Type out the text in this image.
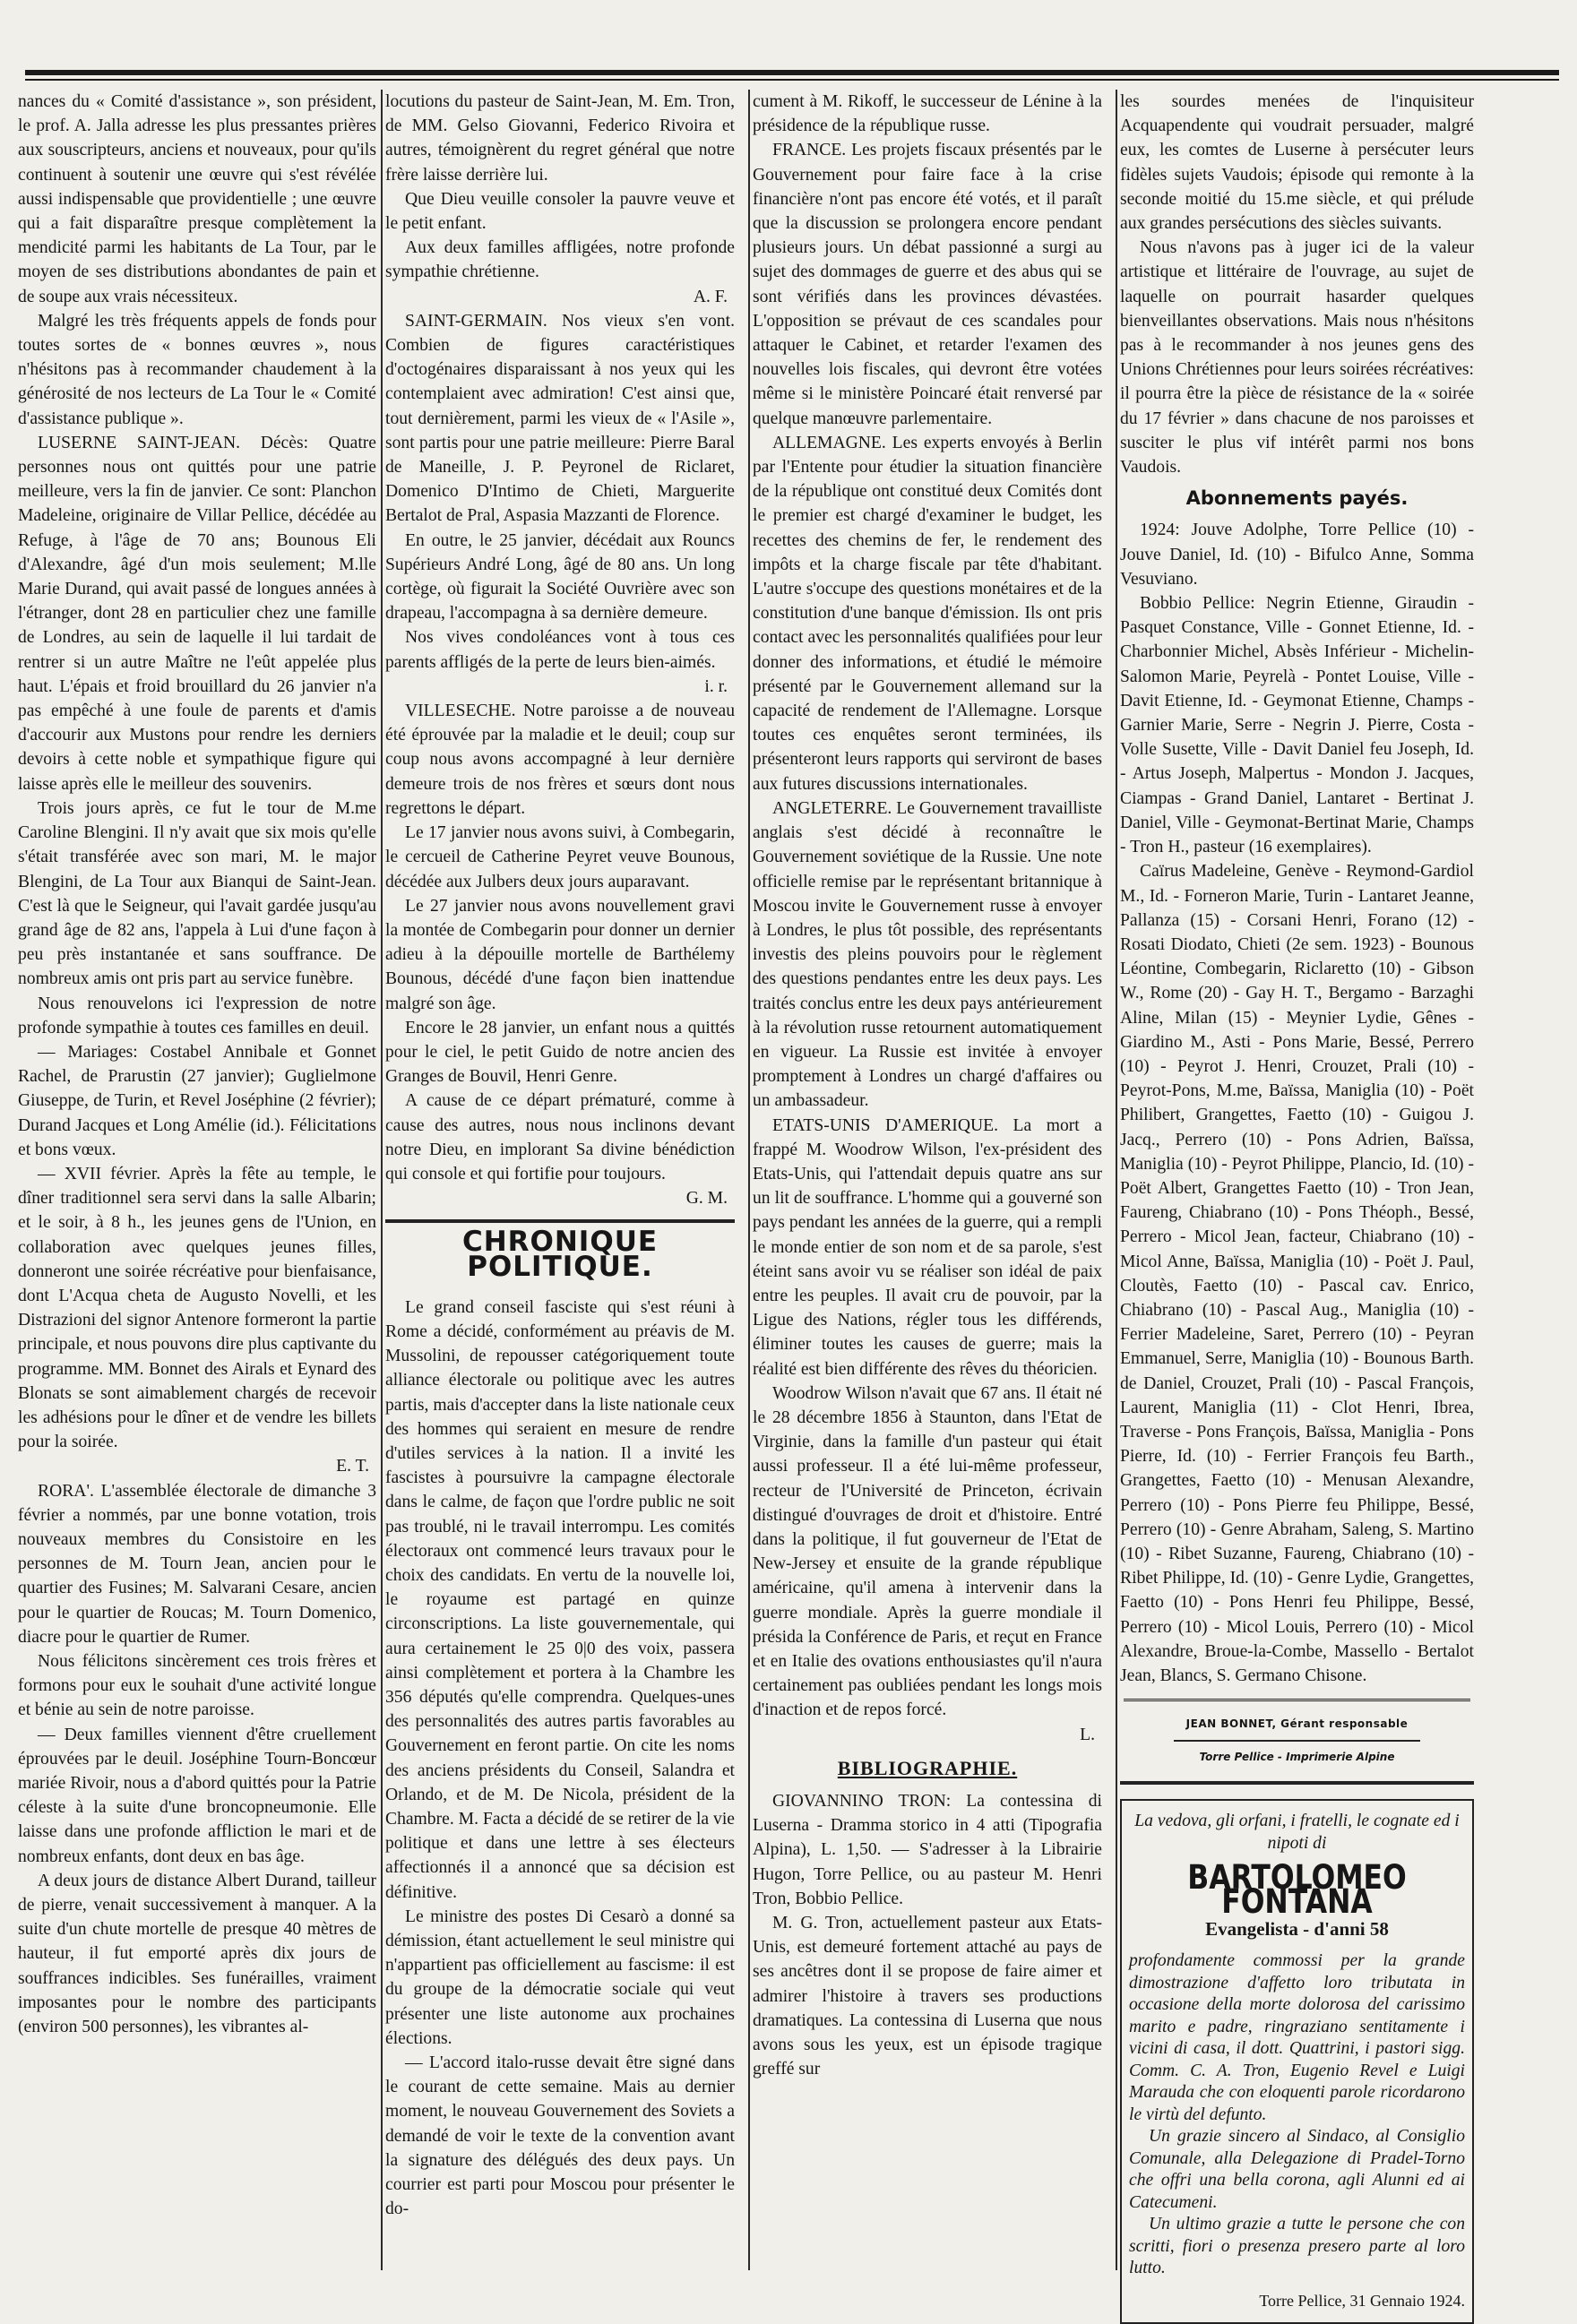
nances du « Comité d'assistance », son président, le prof. A. Jalla adresse les plus pressantes prières aux souscripteurs, anciens et nouveaux, pour qu'ils continuent à soutenir une œuvre qui s'est révélée aussi indispensable que providentielle ; une œuvre qui a fait disparaître presque complètement la mendicité parmi les habitants de La Tour, par le moyen de ses distributions abondantes de pain et de soupe aux vrais nécessiteux.

Malgré les très fréquents appels de fonds pour toutes sortes de « bonnes œuvres », nous n'hésitons pas à recommander chaudement à la générosité de nos lecteurs de La Tour le « Comité d'assistance publique ».

LUSERNE SAINT-JEAN. Décès: Quatre personnes nous ont quittés pour une patrie meilleure, vers la fin de janvier. Ce sont: Planchon Madeleine, originaire de Villar Pellice, décédée au Refuge, à l'âge de 70 ans; Bounous Eli d'Alexandre, âgé d'un mois seulement; M.lle Marie Durand, qui avait passé de longues années à l'étranger, dont 28 en particulier chez une famille de Londres, au sein de laquelle il lui tardait de rentrer si un autre Maître ne l'eût appelée plus haut. L'épais et froid brouillard du 26 janvier n'a pas empêché à une foule de parents et d'amis d'accourir aux Mustons pour rendre les derniers devoirs à cette noble et sympathique figure qui laisse après elle le meilleur des souvenirs.

Trois jours après, ce fut le tour de M.me Caroline Blengini. Il n'y avait que six mois qu'elle s'était transférée avec son mari, M. le major Blengini, de La Tour aux Bianqui de Saint-Jean. C'est là que le Seigneur, qui l'avait gardée jusqu'au grand âge de 82 ans, l'appela à Lui d'une façon à peu près instantanée et sans souffrance. De nombreux amis ont pris part au service funèbre.

Nous renouvelons ici l'expression de notre profonde sympathie à toutes ces familles en deuil.

— Mariages: Costabel Annibale et Gonnet Rachel, de Prarustin (27 janvier); Guglielmone Giuseppe, de Turin, et Revel Joséphine (2 février); Durand Jacques et Long Amélie (id.). Félicitations et bons vœux.

— XVII février. Après la fête au temple, le dîner traditionnel sera servi dans la salle Albarin; et le soir, à 8 h., les jeunes gens de l'Union, en collaboration avec quelques jeunes filles, donneront une soirée récréative pour bienfaisance, dont L'Acqua cheta de Augusto Novelli, et les Distrazioni del signor Antenore formeront la partie principale, et nous pouvons dire plus captivante du programme. MM. Bonnet des Airals et Eynard des Blonats se sont aimablement chargés de recevoir les adhésions pour le dîner et de vendre les billets pour la soirée.

E. T.

RORA'. L'assemblée électorale de dimanche 3 février a nommés, par une bonne votation, trois nouveaux membres du Consistoire en les personnes de M. Tourn Jean, ancien pour le quartier des Fusines; M. Salvarani Cesare, ancien pour le quartier de Roucas; M. Tourn Domenico, diacre pour le quartier de Rumer.

Nous félicitons sincèrement ces trois frères et formons pour eux le souhait d'une activité longue et bénie au sein de notre paroisse.

— Deux familles viennent d'être cruellement éprouvées par le deuil. Joséphine Tourn-Boncœur mariée Rivoir, nous a d'abord quittés pour la Patrie céleste à la suite d'une broncopneumonie. Elle laisse dans une profonde affliction le mari et de nombreux enfants, dont deux en bas âge.

A deux jours de distance Albert Durand, tailleur de pierre, venait successivement à manquer. A la suite d'un chute mortelle de presque 40 mètres de hauteur, il fut emporté après dix jours de souffrances indicibles. Ses funérailles, vraiment imposantes pour le nombre des participants (environ 500 personnes), les vibrantes al-

locutions du pasteur de Saint-Jean, M. Em. Tron, de MM. Gelso Giovanni, Federico Rivoira et autres, témoignèrent du regret général que notre frère laisse derrière lui.

Que Dieu veuille consoler la pauvre veuve et le petit enfant.

Aux deux familles affligées, notre profonde sympathie chrétienne.

A. F.

SAINT-GERMAIN. Nos vieux s'en vont. Combien de figures caractéristiques d'octogénaires disparaissant à nos yeux qui les contemplaient avec admiration! C'est ainsi que, tout dernièrement, parmi les vieux de « l'Asile », sont partis pour une patrie meilleure: Pierre Baral de Maneille, J. P. Peyronel de Riclaret, Domenico D'Intimo de Chieti, Marguerite Bertalot de Pral, Aspasia Mazzanti de Florence.

En outre, le 25 janvier, décédait aux Rouncs Supérieurs André Long, âgé de 80 ans. Un long cortège, où figurait la Société Ouvrière avec son drapeau, l'accompagna à sa dernière demeure.

Nos vives condoléances vont à tous ces parents affligés de la perte de leurs bien-aimés.

i. r.

VILLESECHE. Notre paroisse a de nouveau été éprouvée par la maladie et le deuil; coup sur coup nous avons accompagné à leur dernière demeure trois de nos frères et sœurs dont nous regrettons le départ.

Le 17 janvier nous avons suivi, à Combegarin, le cercueil de Catherine Peyret veuve Bounous, décédée aux Julbers deux jours auparavant.

Le 27 janvier nous avons nouvellement gravi la montée de Combegarin pour donner un dernier adieu à la dépouille mortelle de Barthélemy Bounous, décédé d'une façon bien inattendue malgré son âge.

Encore le 28 janvier, un enfant nous a quittés pour le ciel, le petit Guido de notre ancien des Granges de Bouvil, Henri Genre.

A cause de ce départ prématuré, comme à cause des autres, nous nous inclinons devant notre Dieu, en implorant Sa divine bénédiction qui console et qui fortifie pour toujours.

G. M.

CHRONIQUE POLITIQUE.

Le grand conseil fasciste qui s'est réuni à Rome a décidé, conformément au préavis de M. Mussolini, de repousser catégoriquement toute alliance électorale ou politique avec les autres partis, mais d'accepter dans la liste nationale ceux des hommes qui seraient en mesure de rendre d'utiles services à la nation. Il a invité les fascistes à poursuivre la campagne électorale dans le calme, de façon que l'ordre public ne soit pas troublé, ni le travail interrompu. Les comités électoraux ont commencé leurs travaux pour le choix des candidats. En vertu de la nouvelle loi, le royaume est partagé en quinze circonscriptions. La liste gouvernementale, qui aura certainement le 25 0|0 des voix, passera ainsi complètement et portera à la Chambre les 356 députés qu'elle comprendra. Quelques-unes des personnalités des autres partis favorables au Gouvernement en feront partie. On cite les noms des anciens présidents du Conseil, Salandra et Orlando, et de M. De Nicola, président de la Chambre. M. Facta a décidé de se retirer de la vie politique et dans une lettre à ses électeurs affectionnés il a annoncé que sa décision est définitive.

Le ministre des postes Di Cesarò a donné sa démission, étant actuellement le seul ministre qui n'appartient pas officiellement au fascisme: il est du groupe de la démocratie sociale qui veut présenter une liste autonome aux prochaines élections.

— L'accord italo-russe devait être signé dans le courant de cette semaine. Mais au dernier moment, le nouveau Gouvernement des Soviets a demandé de voir le texte de la convention avant la signature des délégués des deux pays. Un courrier est parti pour Moscou pour présenter le do-

cument à M. Rikoff, le successeur de Lénine à la présidence de la république russe.

FRANCE. Les projets fiscaux présentés par le Gouvernement pour faire face à la crise financière n'ont pas encore été votés, et il paraît que la discussion se prolongera encore pendant plusieurs jours. Un débat passionné a surgi au sujet des dommages de guerre et des abus qui se sont vérifiés dans les provinces dévastées. L'opposition se prévaut de ces scandales pour attaquer le Cabinet, et retarder l'examen des nouvelles lois fiscales, qui devront être votées même si le ministère Poincaré était renversé par quelque manœuvre parlementaire.

ALLEMAGNE. Les experts envoyés à Berlin par l'Entente pour étudier la situation financière de la république ont constitué deux Comités dont le premier est chargé d'examiner le budget, les recettes des chemins de fer, le rendement des impôts et la charge fiscale par tête d'habitant. L'autre s'occupe des questions monétaires et de la constitution d'une banque d'émission. Ils ont pris contact avec les personnalités qualifiées pour leur donner des informations, et étudié le mémoire présenté par le Gouvernement allemand sur la capacité de rendement de l'Allemagne. Lorsque toutes ces enquêtes seront terminées, ils présenteront leurs rapports qui serviront de bases aux futures discussions internationales.

ANGLETERRE. Le Gouvernement travailliste anglais s'est décidé à reconnaître le Gouvernement soviétique de la Russie. Une note officielle remise par le représentant britannique à Moscou invite le Gouvernement russe à envoyer à Londres, le plus tôt possible, des représentants investis des pleins pouvoirs pour le règlement des questions pendantes entre les deux pays. Les traités conclus entre les deux pays antérieurement à la révolution russe retournent automatiquement en vigueur. La Russie est invitée à envoyer promptement à Londres un chargé d'affaires ou un ambassadeur.

ETATS-UNIS D'AMERIQUE. La mort a frappé M. Woodrow Wilson, l'ex-président des Etats-Unis, qui l'attendait depuis quatre ans sur un lit de souffrance. L'homme qui a gouverné son pays pendant les années de la guerre, qui a rempli le monde entier de son nom et de sa parole, s'est éteint sans avoir vu se réaliser son idéal de paix entre les peuples. Il avait cru de pouvoir, par la Ligue des Nations, régler tous les différends, éliminer toutes les causes de guerre; mais la réalité est bien différente des rêves du théoricien.

Woodrow Wilson n'avait que 67 ans. Il était né le 28 décembre 1856 à Staunton, dans l'Etat de Virginie, dans la famille d'un pasteur qui était aussi professeur. Il a été lui-même professeur, recteur de l'Université de Princeton, écrivain distingué d'ouvrages de droit et d'histoire. Entré dans la politique, il fut gouverneur de l'Etat de New-Jersey et ensuite de la grande république américaine, qu'il amena à intervenir dans la guerre mondiale. Après la guerre mondiale il présida la Conférence de Paris, et reçut en France et en Italie des ovations enthousiastes qu'il n'aura certainement pas oubliées pendant les longs mois d'inaction et de repos forcé.

L.

BIBLIOGRAPHIE.

GIOVANNINO TRON: La contessina di Luserna - Dramma storico in 4 atti (Tipografia Alpina), L. 1,50. — S'adresser à la Librairie Hugon, Torre Pellice, ou au pasteur M. Henri Tron, Bobbio Pellice.

M. G. Tron, actuellement pasteur aux Etats-Unis, est demeuré fortement attaché au pays de ses ancêtres dont il se propose de faire aimer et admirer l'histoire à travers ses productions dramatiques. La contessina di Luserna que nous avons sous les yeux, est un épisode tragique greffé sur

les sourdes menées de l'inquisiteur Acquapendente qui voudrait persuader, malgré eux, les comtes de Luserne à persécuter leurs fidèles sujets Vaudois; épisode qui remonte à la seconde moitié du 15.me siècle, et qui prélude aux grandes persécutions des siècles suivants.

Nous n'avons pas à juger ici de la valeur artistique et littéraire de l'ouvrage, au sujet de laquelle on pourrait hasarder quelques bienveillantes observations. Mais nous n'hésitons pas à le recommander à nos jeunes gens des Unions Chrétiennes pour leurs soirées récréatives: il pourra être la pièce de résistance de la « soirée du 17 février » dans chacune de nos paroisses et susciter le plus vif intérêt parmi nos bons Vaudois.

Abonnements payés.

1924: Jouve Adolphe, Torre Pellice (10) - Jouve Daniel, Id. (10) - Bifulco Anne, Somma Vesuviano.

Bobbio Pellice: Negrin Etienne, Giraudin - Pasquet Constance, Ville - Gonnet Etienne, Id. - Charbonnier Michel, Absès Inférieur - Michelin-Salomon Marie, Peyrelà - Pontet Louise, Ville - Davit Etienne, Id. - Geymonat Etienne, Champs - Garnier Marie, Serre - Negrin J. Pierre, Costa - Volle Susette, Ville - Davit Daniel feu Joseph, Id. - Artus Joseph, Malpertus - Mondon J. Jacques, Ciampas - Grand Daniel, Lantaret - Bertinat J. Daniel, Ville - Geymonat-Bertinat Marie, Champs - Tron H., pasteur (16 exemplaires).

Caïrus Madeleine, Genève - Reymond-Gardiol M., Id. - Forneron Marie, Turin - Lantaret Jeanne, Pallanza (15) - Corsani Henri, Forano (12) - Rosati Diodato, Chieti (2e sem. 1923) - Bounous Léontine, Combegarin, Riclaretto (10) - Gibson W., Rome (20) - Gay H. T., Bergamo - Barzaghi Aline, Milan (15) - Meynier Lydie, Gênes - Giardino M., Asti - Pons Marie, Bessé, Perrero (10) - Peyrot J. Henri, Crouzet, Prali (10) - Peyrot-Pons, M.me, Baïssa, Maniglia (10) - Poët Philibert, Grangettes, Faetto (10) - Guigou J. Jacq., Perrero (10) - Pons Adrien, Baïssa, Maniglia (10) - Peyrot Philippe, Plancio, Id. (10) - Poët Albert, Grangettes Faetto (10) - Tron Jean, Faureng, Chiabrano (10) - Pons Théoph., Bessé, Perrero - Micol Jean, facteur, Chiabrano (10) - Micol Anne, Baïssa, Maniglia (10) - Poët J. Paul, Cloutès, Faetto (10) - Pascal cav. Enrico, Chiabrano (10) - Pascal Aug., Maniglia (10) - Ferrier Madeleine, Saret, Perrero (10) - Peyran Emmanuel, Serre, Maniglia (10) - Bounous Barth. de Daniel, Crouzet, Prali (10) - Pascal François, Laurent, Maniglia (11) - Clot Henri, Ibrea, Traverse - Pons François, Baïssa, Maniglia - Pons Pierre, Id. (10) - Ferrier François feu Barth., Grangettes, Faetto (10) - Menusan Alexandre, Perrero (10) - Pons Pierre feu Philippe, Bessé, Perrero (10) - Genre Abraham, Saleng, S. Martino (10) - Ribet Suzanne, Faureng, Chiabrano (10) - Ribet Philippe, Id. (10) - Genre Lydie, Grangettes, Faetto (10) - Pons Henri feu Philippe, Bessé, Perrero (10) - Micol Louis, Perrero (10) - Micol Alexandre, Broue-la-Combe, Massello - Bertalot Jean, Blancs, S. Germano Chisone.

JEAN BONNET, Gérant responsable
Torre Pellice - Imprimerie Alpine
La vedova, gli orfani, i fratelli, le cognate ed i nipoti di
BARTOLOMEO FONTANA
Evangelista - d'anni 58

profondamente commossi per la grande dimostrazione d'affetto loro tributata in occasione della morte dolorosa del carissimo marito e padre, ringraziano sentitamente i vicini di casa, il dott. Quattrini, i pastori sigg. Comm. C. A. Tron, Eugenio Revel e Luigi Marauda che con eloquenti parole ricordarono le virtù del defunto.

Un grazie sincero al Sindaco, al Consiglio Comunale, alla Delegazione di Pradel-Torno che offri una bella corona, agli Alunni ed ai Catecumeni.

Un ultimo grazie a tutte le persone che con scritti, fiori o presenza presero parte al loro lutto.

Torre Pellice, 31 Gennaio 1924.
